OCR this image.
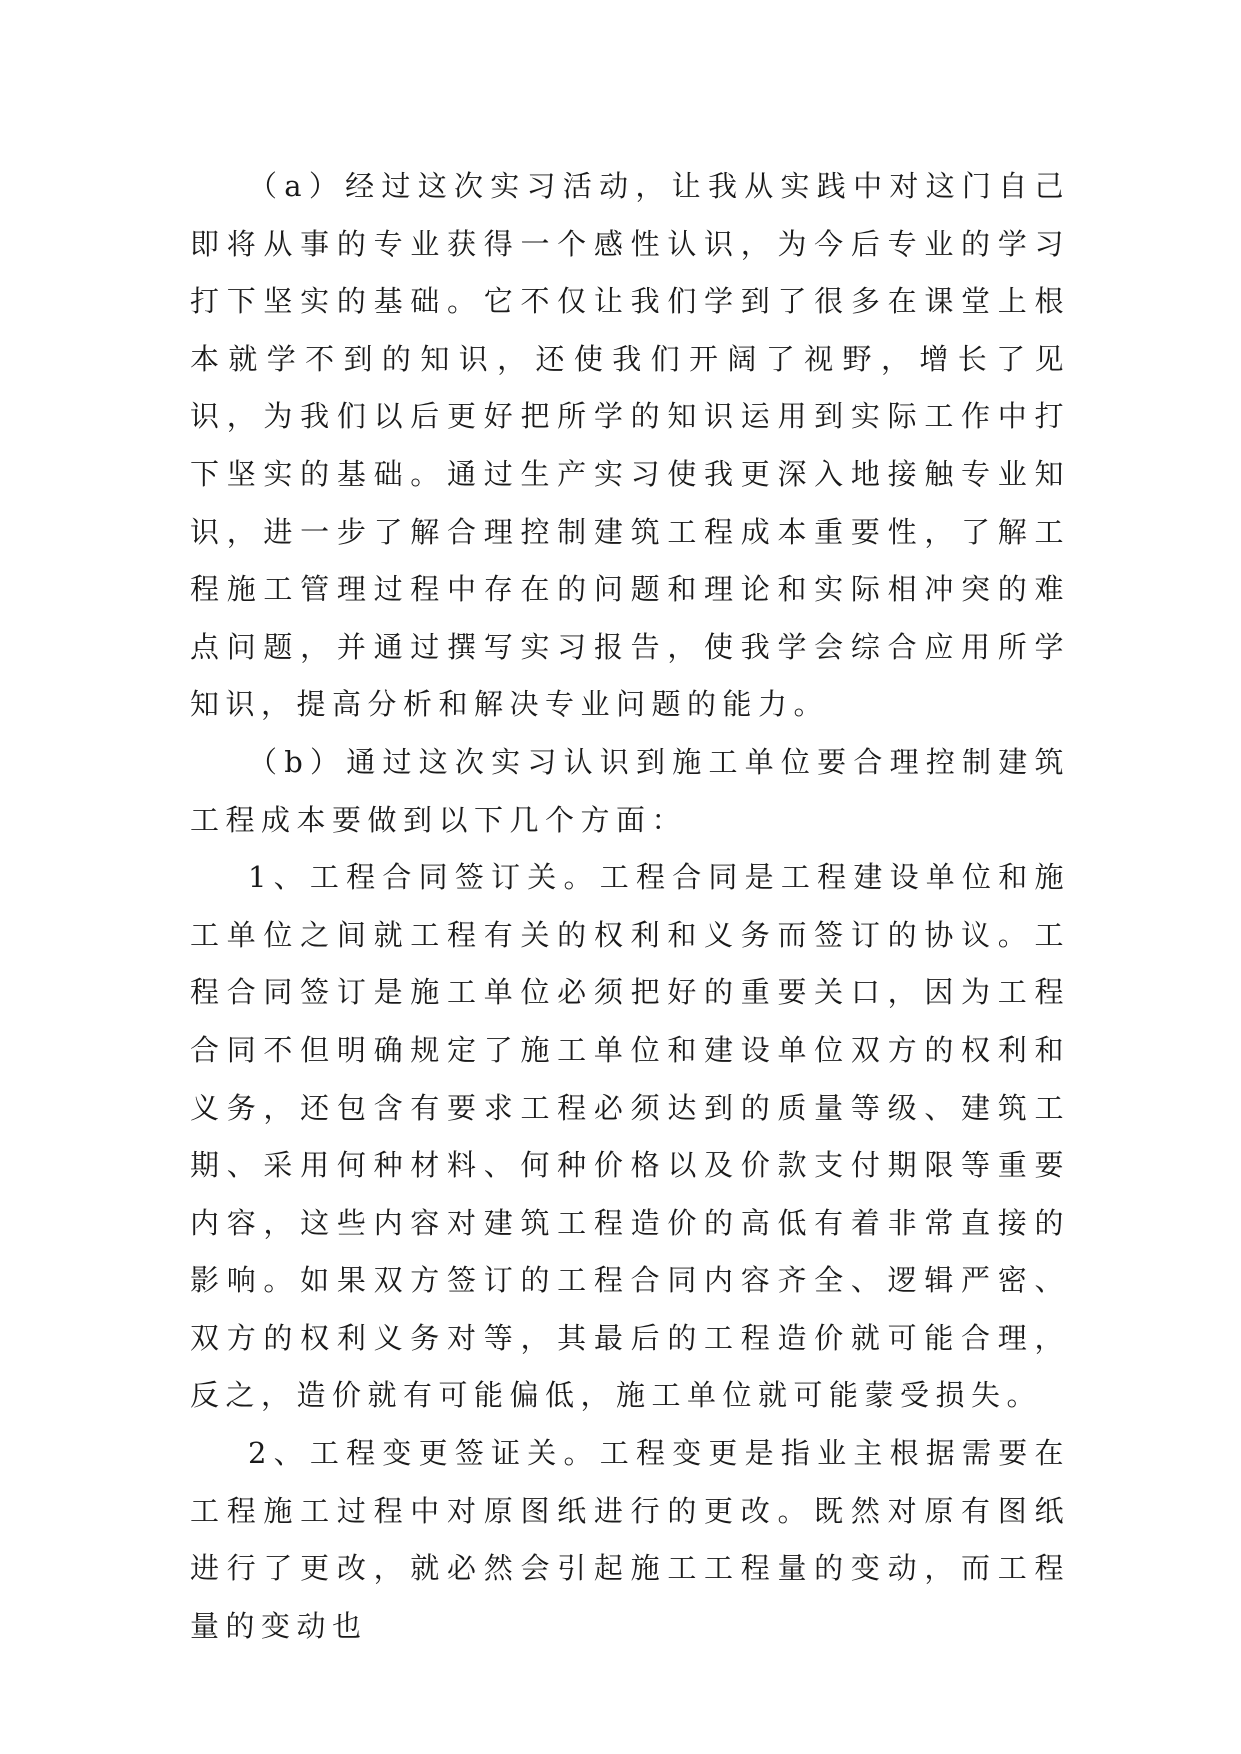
（a）经过这次实习活动，让我从实践中对这门自己即将从事的专业获得一个感性认识，为今后专业的学习打下坚实的基础。它不仅让我们学到了很多在课堂上根本就学不到的知识，还使我们开阔了视野，增长了见识，为我们以后更好把所学的知识运用到实际工作中打下坚实的基础。通过生产实习使我更深入地接触专业知识，进一步了解合理控制建筑工程成本重要性，了解工程施工管理过程中存在的问题和理论和实际相冲突的难点问题，并通过撰写实习报告，使我学会综合应用所学知识，提高分析和解决专业问题的能力。

（b）通过这次实习认识到施工单位要合理控制建筑工程成本要做到以下几个方面：

1、工程合同签订关。工程合同是工程建设单位和施工单位之间就工程有关的权利和义务而签订的协议。工程合同签订是施工单位必须把好的重要关口，因为工程合同不但明确规定了施工单位和建设单位双方的权利和义务，还包含有要求工程必须达到的质量等级、建筑工期、采用何种材料、何种价格以及价款支付期限等重要内容，这些内容对建筑工程造价的高低有着非常直接的影响。如果双方签订的工程合同内容齐全、逻辑严密、双方的权利义务对等，其最后的工程造价就可能合理，反之，造价就有可能偏低，施工单位就可能蒙受损失。

2、工程变更签证关。工程变更是指业主根据需要在工程施工过程中对原图纸进行的更改。既然对原有图纸进行了更改，就必然会引起施工工程量的变动，而工程量的变动也
